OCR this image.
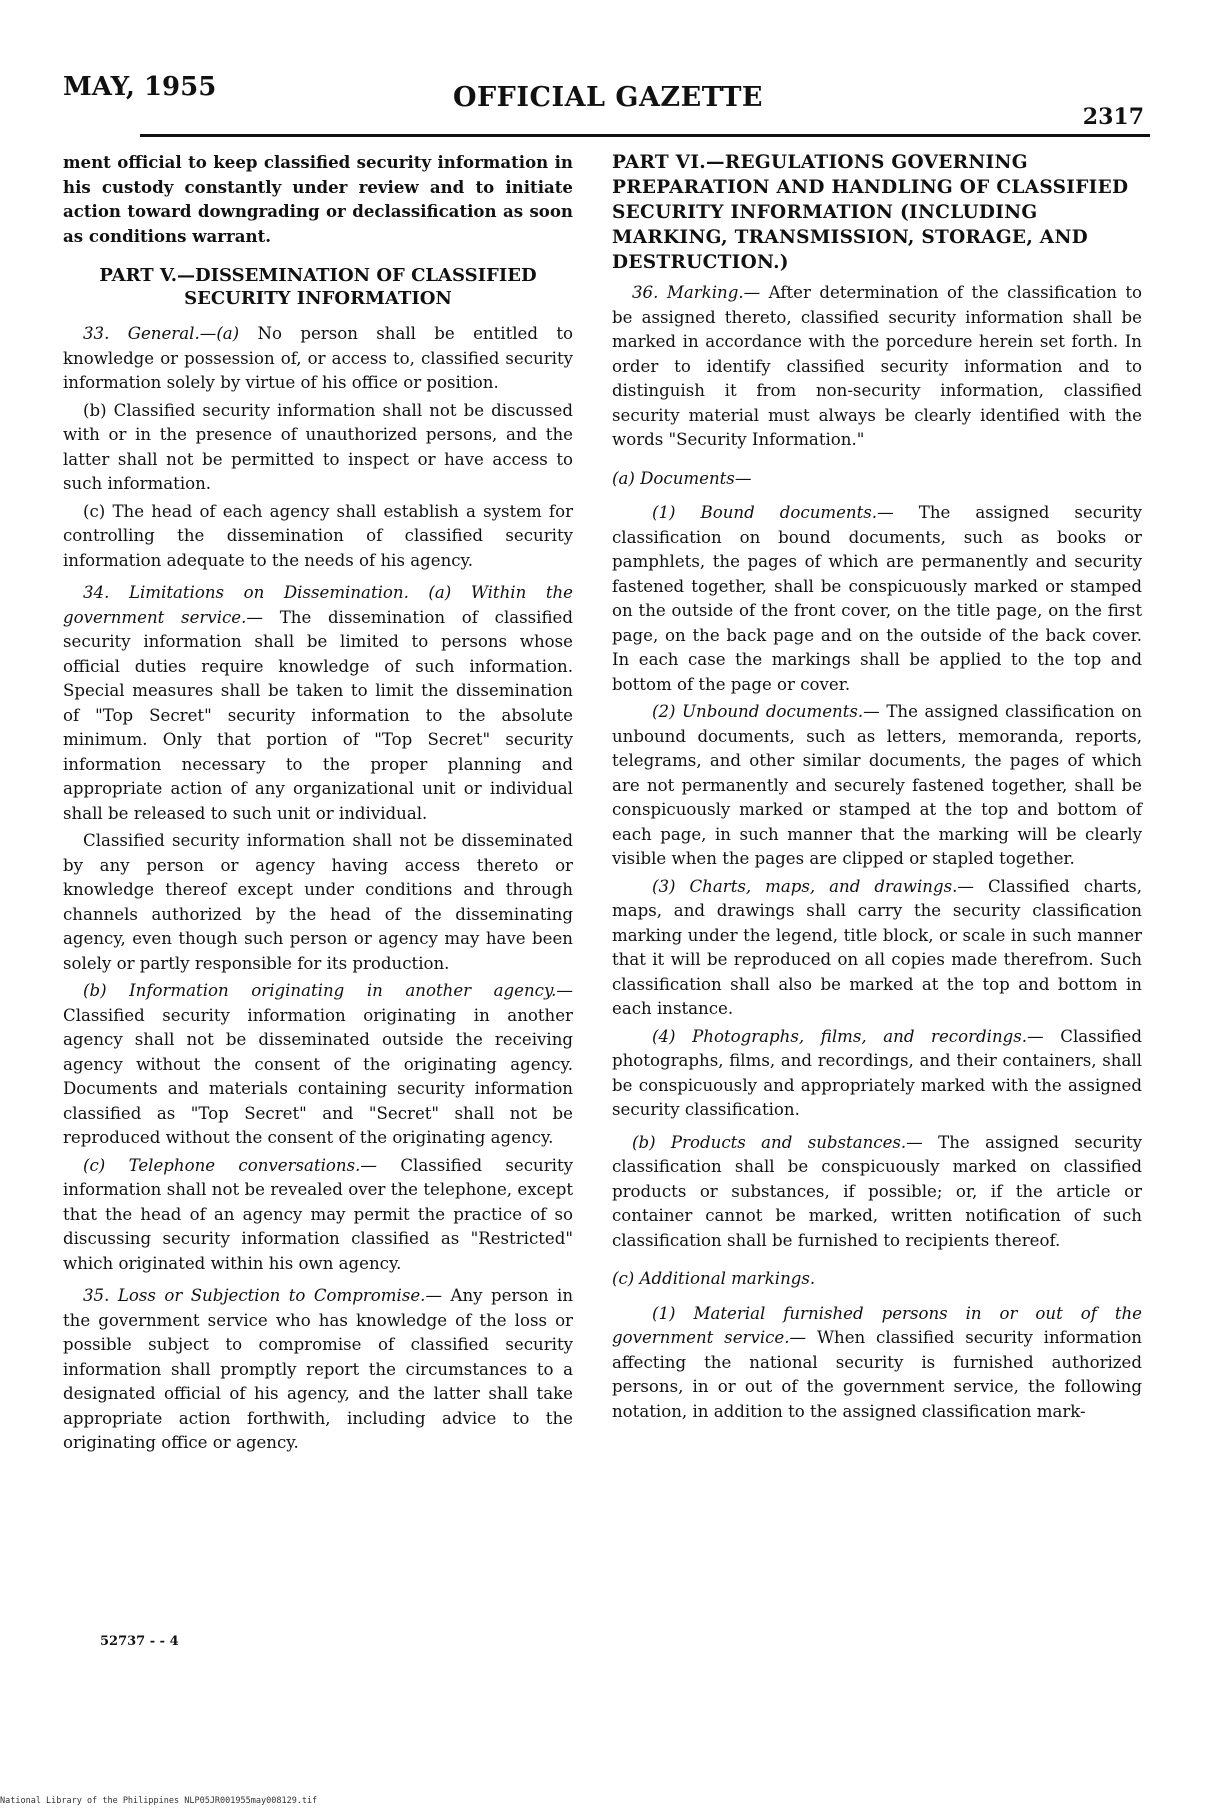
MAY, 1955	OFFICIAL GAZETTE
2317

ment official to keep classified security information in his custody constantly under review and to initiate action toward downgrading or declassification as soon as conditions warrant.

PART V.—DISSEMINATION OF CLASSIFIED SECURITY INFORMATION

33. General.—(a) No person shall be entitled to knowledge or possession of, or access to, classified security information solely by virtue of his office or position.

(b) Classified security information shall not be discussed with or in the presence of unauthorized persons, and the latter shall not be permitted to inspect or have access to such information.

(c) The head of each agency shall establish a system for controlling the dissemination of classified security information adequate to the needs of his agency.

34. Limitations on Dissemination. (a) Within the government service.— The dissemination of classified security information shall be limited to persons whose official duties require knowledge of such information. Special measures shall be taken to limit the dissemination of "Top Secret" security information to the absolute minimum. Only that portion of "Top Secret" security information necessary to the proper planning and appropriate action of any organizational unit or individual shall be released to such unit or individual.

Classified security information shall not be disseminated by any person or agency having access thereto or knowledge thereof except under conditions and through channels authorized by the head of the disseminating agency, even though such person or agency may have been solely or partly responsible for its production.

(b) Information originating in another agency.— Classified security information originating in another agency shall not be disseminated outside the receiving agency without the consent of the originating agency. Documents and materials containing security information classified as "Top Secret" and "Secret" shall not be reproduced without the consent of the originating agency.

(c) Telephone conversations.— Classified security information shall not be revealed over the telephone, except that the head of an agency may permit the practice of so discussing security information classified as "Restricted" which originated within his own agency.

35. Loss or Subjection to Compromise.— Any person in the government service who has knowledge of the loss or possible subject to compromise of classified security information shall promptly report the circumstances to a designated official of his agency, and the latter shall take appropriate action forthwith, including advice to the originating office or agency.

52737 - - 4

PART VI.—REGULATIONS GOVERNING PREPARATION AND HANDLING OF CLASSIFIED SECURITY INFORMATION (INCLUDING MARKING, TRANSMISSION, STORAGE, AND DESTRUCTION.)

36. Marking.— After determination of the classification to be assigned thereto, classified security information shall be marked in accordance with the porcedure herein set forth. In order to identify classified security information and to distinguish it from non-security information, classified security material must always be clearly identified with the words "Security Information."

(a) Documents—

(1) Bound documents.— The assigned security classification on bound documents, such as books or pamphlets, the pages of which are permanently and security fastened together, shall be conspicuously marked or stamped on the outside of the front cover, on the title page, on the first page, on the back page and on the outside of the back cover. In each case the markings shall be applied to the top and bottom of the page or cover.

(2) Unbound documents.— The assigned classification on unbound documents, such as letters, memoranda, reports, telegrams, and other similar documents, the pages of which are not permanently and securely fastened together, shall be conspicuously marked or stamped at the top and bottom of each page, in such manner that the marking will be clearly visible when the pages are clipped or stapled together.

(3) Charts, maps, and drawings.— Classified charts, maps, and drawings shall carry the security classification marking under the legend, title block, or scale in such manner that it will be reproduced on all copies made therefrom. Such classification shall also be marked at the top and bottom in each instance.

(4) Photographs, films, and recordings.— Classified photographs, films, and recordings, and their containers, shall be conspicuously and appropriately marked with the assigned security classification.

(b) Products and substances.— The assigned security classification shall be conspicuously marked on classified products or substances, if possible; or, if the article or container cannot be marked, written notification of such classification shall be furnished to recipients thereof.

(c) Additional markings.

(1) Material furnished persons in or out of the government service.— When classified security information affecting the national security is furnished authorized persons, in or out of the government service, the following notation, in addition to the assigned classification mark-

National Library of the Philippines NLP05JR001955may008129.tif
